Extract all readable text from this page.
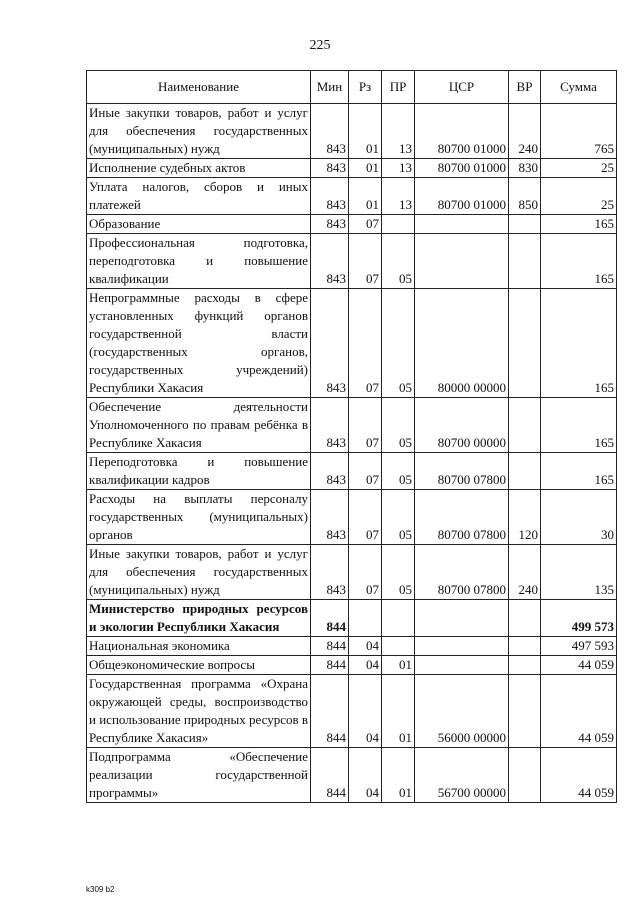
225
Наименование	Мин	Рз	ПР	ЦСР	ВР	Сумма
Иные закупки товаров, работ и услуг для обеспечения государственных (муниципальных) нужд	843	01	13	80700 01000	240	765
Исполнение судебных актов	843	01	13	80700 01000	830	25
Уплата налогов, сборов и иных платежей	843	01	13	80700 01000	850	25
Образование	843	07				165
Профессиональная подготовка, переподготовка и повышение квалификации	843	07	05			165
Непрограммные расходы в сфере установленных функций органов государственной власти (государственных органов, государственных учреждений) Республики Хакасия	843	07	05	80000 00000		165
Обеспечение деятельности Уполномоченного по правам ребёнка в Республике Хакасия	843	07	05	80700 00000		165
Переподготовка и повышение квалификации кадров	843	07	05	80700 07800		165
Расходы на выплаты персоналу государственных (муниципальных) органов	843	07	05	80700 07800	120	30
Иные закупки товаров, работ и услуг для обеспечения государственных (муниципальных) нужд	843	07	05	80700 07800	240	135
Министерство природных ресурсов и экологии Республики Хакасия	844					499 573
Национальная экономика	844	04				497 593
Общеэкономические вопросы	844	04	01			44 059
Государственная программа «Охрана окружающей среды, воспроизводство и использование природных ресурсов в Республике Хакасия»	844	04	01	56000 00000		44 059
Подпрограмма «Обеспечение реализации государственной программы»	844	04	01	56700 00000		44 059
k309 b2
